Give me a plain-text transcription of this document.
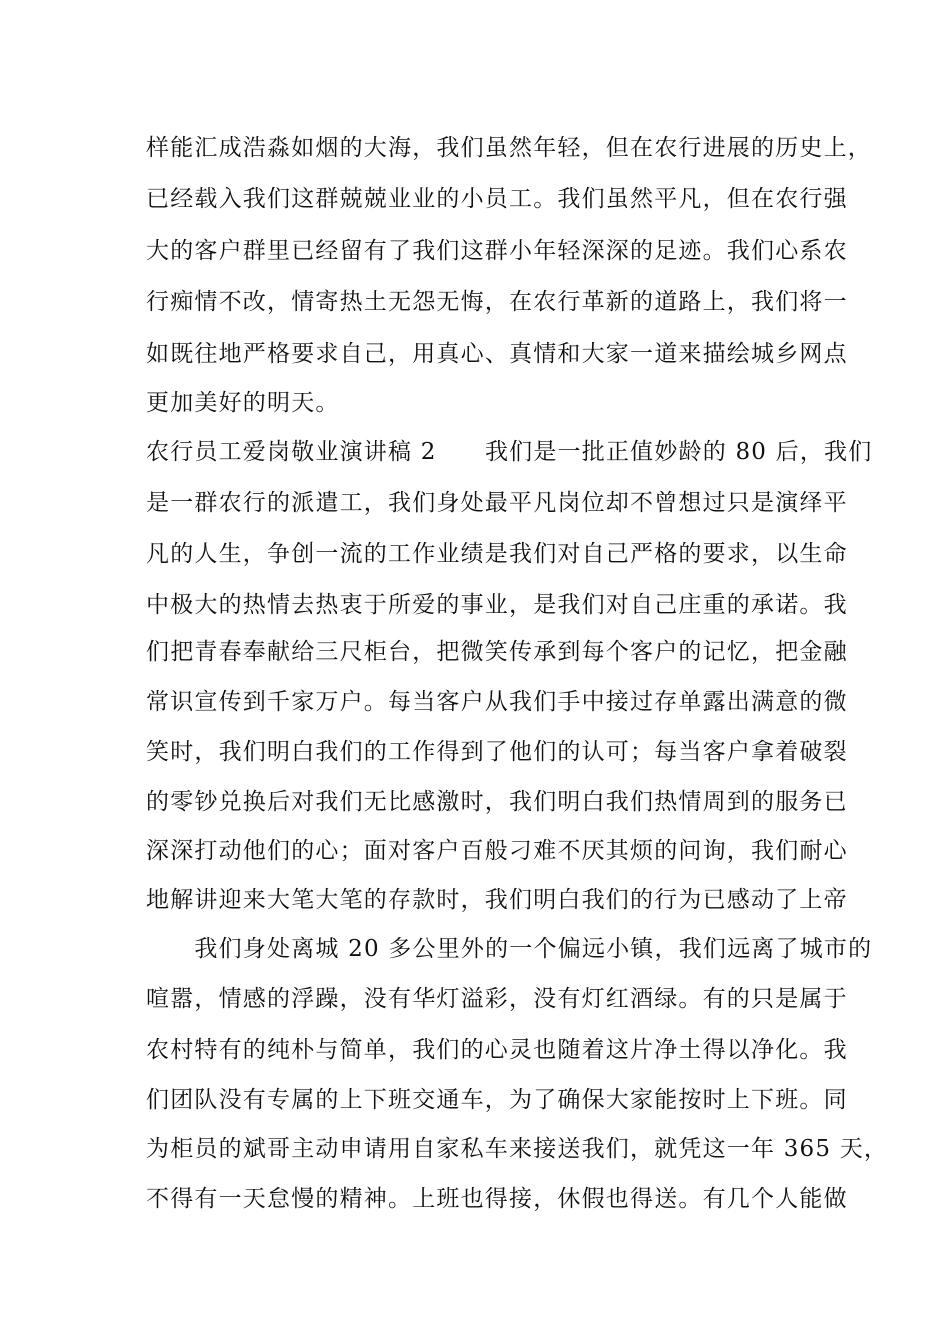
样能汇成浩淼如烟的大海，我们虽然年轻，但在农行进展的历史上，
已经载入我们这群兢兢业业的小员工。我们虽然平凡，但在农行强
大的客户群里已经留有了我们这群小年轻深深的足迹。我们心系农
行痴情不改，情寄热土无怨无悔，在农行革新的道路上，我们将一
如既往地严格要求自己，用真心、真情和大家一道来描绘城乡网点
更加美好的明天。
农行员工爱岗敬业演讲稿 2　　我们是一批正值妙龄的 80 后，我们
是一群农行的派遣工，我们身处最平凡岗位却不曾想过只是演绎平
凡的人生，争创一流的工作业绩是我们对自己严格的要求，以生命
中极大的热情去热衷于所爱的事业，是我们对自己庄重的承诺。我
们把青春奉献给三尺柜台，把微笑传承到每个客户的记忆，把金融
常识宣传到千家万户。每当客户从我们手中接过存单露出满意的微
笑时，我们明白我们的工作得到了他们的认可；每当客户拿着破裂
的零钞兑换后对我们无比感激时，我们明白我们热情周到的服务已
深深打动他们的心；面对客户百般刁难不厌其烦的问询，我们耐心
地解讲迎来大笔大笔的存款时，我们明白我们的行为已感动了上帝
　　我们身处离城 20 多公里外的一个偏远小镇，我们远离了城市的
喧嚣，情感的浮躁，没有华灯溢彩，没有灯红酒绿。有的只是属于
农村特有的纯朴与简单，我们的心灵也随着这片净土得以净化。我
们团队没有专属的上下班交通车，为了确保大家能按时上下班。同
为柜员的斌哥主动申请用自家私车来接送我们，就凭这一年 365 天，
不得有一天怠慢的精神。上班也得接，休假也得送。有几个人能做
